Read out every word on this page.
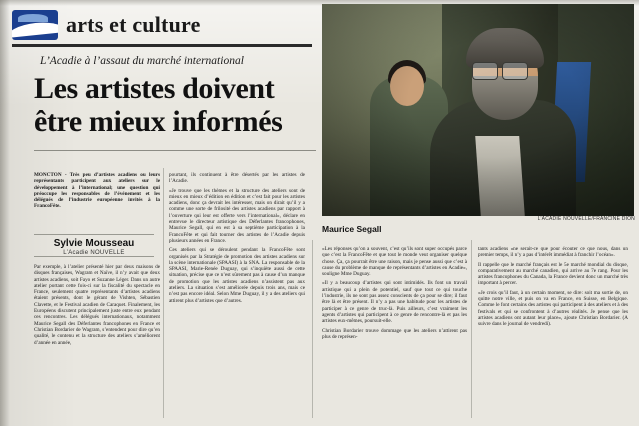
arts et culture
L’Acadie à l’assaut du marché international
Les artistes doivent
être mieux informés
L’ACADIE NOUVELLE/FRANCINE DION
Maurice Segall
Sylvie Mousseau
L’Acadie NOUVELLE

MONCTON - Très peu d’artistes acadiens ou leurs représentants participent aux ateliers sur le développement à l’international; une question qui préoccupe les responsables de l’événement et les délégués de l’industrie européenne invités à la FrancoFête.

Par exemple, à l’atelier présenté hier par deux maisons de disques françaises, Wagram et Naïve, il n’y avait que deux artistes acadiens, soit Fayo et Suzanne Léger. Dans un autre atelier portant cette fois-ci sur la fiscalité du spectacle en France, seulement quatre représentants d’artistes acadiens étaient présents, dont le gérant de Vishten, Sébastien Clavette, et le Festival acadien de Caraquet. Finalement, les Européens discutent principalement juste entre eux pendant ces rencontres. Les délégués internationaux, notamment Maurice Segall des Déferlantes francophones en France et Christian Bordarier de Wagram, s’entendent pour dire qu’en qualité, le contenu et la structure des ateliers s’améliorent d’année en année,

pourtant, ils continuent à être désertés par les artistes de l’Acadie.

«Je trouve que les thèmes et la structure des ateliers sont de mieux en mieux d’édition en édition et c’est fait pour les artistes acadiens, donc ça devrait les intéresser, mais on dirait qu’il y a comme une sorte de frilosité des artistes acadiens par rapport à l’ouverture qui leur est offerte vers l’international», déclare en entrevue le directeur artistique des Déferlantes francophones, Maurice Segall, qui en est à sa septième participation à la FrancoFête et qui fait tourner des artistes de l’Acadie depuis plusieurs années en France.

Ces ateliers qui se déroulent pendant la FrancoFête sont organisés par la Stratégie de promotion des artistes acadiens sur la scène internationale (SPAASI) à la SNA. La responsable de la SPAASI, Marie-Renée Duguay, qui s’inquiète aussi de cette situation, précise que ce n’est sûrement pas à cause d’un manque de promotion que les artistes acadiens n’assistent pas aux ateliers. La situation s’est améliorée depuis trois ans, mais ce n’est pas encore idéal. Selon Mme Duguay, il y a des ateliers qui attirent plus d’artistes que d’autres.

«Les réponses qu’on a souvent, c’est qu’ils sont super occupés parce que c’est la FrancoFête et que tout le monde veut organiser quelque chose. Ça, ça pourrait être une raison, mais je pense aussi que c’est à cause du problème de manque de représentants d’artistes en Acadie», souligne Mme Duguay.

«Il y a beaucoup d’artistes qui sont intimidés. Ils font un travail artistique qui a plein de potentiel, sauf que tout ce qui touche l’industrie, ils ne sont pas assez conscients de ça pour se dire; il faut être là et être présent. Il n’y a pas une habitude pour les artistes de participer à ce genre de truc-là. Puis ailleurs, c’est vraiment les agents d’artistes qui participent à ce genre de rencontre-là et pas les artistes eux-mêmes, poursuit-elle.

Christian Bordarier trouve dommage que les ateliers n’attirent pas plus de représen-

tants acadiens «ne serait-ce que pour écouter ce que nous, dans un premier temps, il n’y a pas d’intérêt immédiat à franchir l’océan».

Il rappelle que le marché français est le 5e marché mondial du disque, comparativement au marché canadien, qui arrive au 7e rang. Pour les artistes francophones du Canada, la France devient donc un marché très important à percer.

«Je crois qu’il faut, à un certain moment, se dire: soit ma sortie de, on quitte notre ville, et puis on va en France, en Suisse, en Belgique. Comme le font certains des artistes qui participent à des ateliers et à des festivals et qui se confrontent à d’autres réalités. Je pense que les artistes acadiens ont autant leur place», ajoute Christian Bordarier. (A suivre dans le journal de vendredi).
